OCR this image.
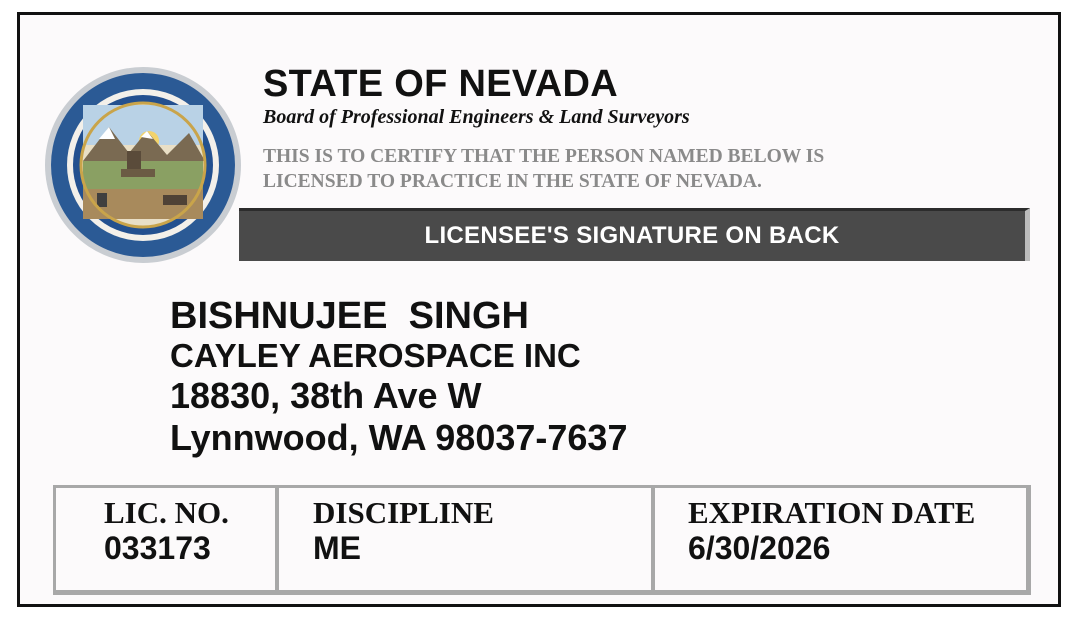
STATE OF NEVADA
Board of Professional Engineers & Land Surveyors
THIS IS TO CERTIFY THAT THE PERSON NAMED BELOW IS
LICENSED TO PRACTICE IN THE STATE OF NEVADA.
LICENSEE'S SIGNATURE ON BACK
BISHNUJEE  SINGH
CAYLEY AEROSPACE INC
18830, 38th Ave W
Lynnwood, WA 98037-7637
LIC. NO.
033173
DISCIPLINE
ME
EXPIRATION DATE
6/30/2026
